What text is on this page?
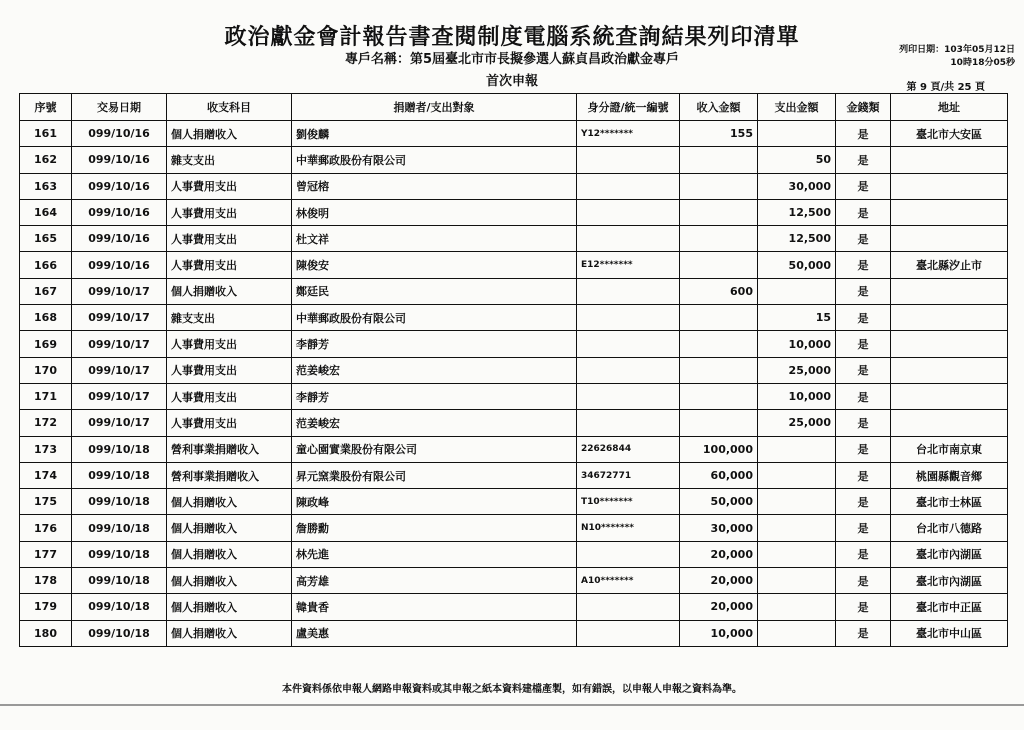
政治獻金會計報告書查閱制度電腦系統查詢結果列印清單
專戶名稱：第5屆臺北市市長擬參選人蘇貞昌政治獻金專戶
首次申報
列印日期：103年05月12日
10時18分05秒
第 9 頁/共 25 頁
序號	交易日期	收支科目	捐贈者/支出對象	身分證/統一編號	收入金額	支出金額	金錢類	地址
161	099/10/16	個人捐贈收入	劉俊麟	Y12*******	155		是	臺北市大安區
162	099/10/16	雜支支出	中華郵政股份有限公司			50	是	
163	099/10/16	人事費用支出	曾冠榕			30,000	是	
164	099/10/16	人事費用支出	林俊明			12,500	是	
165	099/10/16	人事費用支出	杜文祥			12,500	是	
166	099/10/16	人事費用支出	陳俊安	E12*******		50,000	是	臺北縣汐止市
167	099/10/17	個人捐贈收入	鄭廷民		600		是	
168	099/10/17	雜支支出	中華郵政股份有限公司			15	是	
169	099/10/17	人事費用支出	李靜芳			10,000	是	
170	099/10/17	人事費用支出	范姜峻宏			25,000	是	
171	099/10/17	人事費用支出	李靜芳			10,000	是	
172	099/10/17	人事費用支出	范姜峻宏			25,000	是	
173	099/10/18	營利事業捐贈收入	童心園實業股份有限公司	22626844	100,000		是	台北市南京東
174	099/10/18	營利事業捐贈收入	昇元窯業股份有限公司	34672771	60,000		是	桃園縣觀音鄉
175	099/10/18	個人捐贈收入	陳政峰	T10*******	50,000		是	臺北市士林區
176	099/10/18	個人捐贈收入	詹勝勳	N10*******	30,000		是	台北市八德路
177	099/10/18	個人捐贈收入	林先進		20,000		是	臺北市內湖區
178	099/10/18	個人捐贈收入	高芳雄	A10*******	20,000		是	臺北市內湖區
179	099/10/18	個人捐贈收入	韓貴香		20,000		是	臺北市中正區
180	099/10/18	個人捐贈收入	盧美惠		10,000		是	臺北市中山區
本件資料係依申報人網路申報資料或其申報之紙本資料建檔產製，如有錯誤，以申報人申報之資料為準。
